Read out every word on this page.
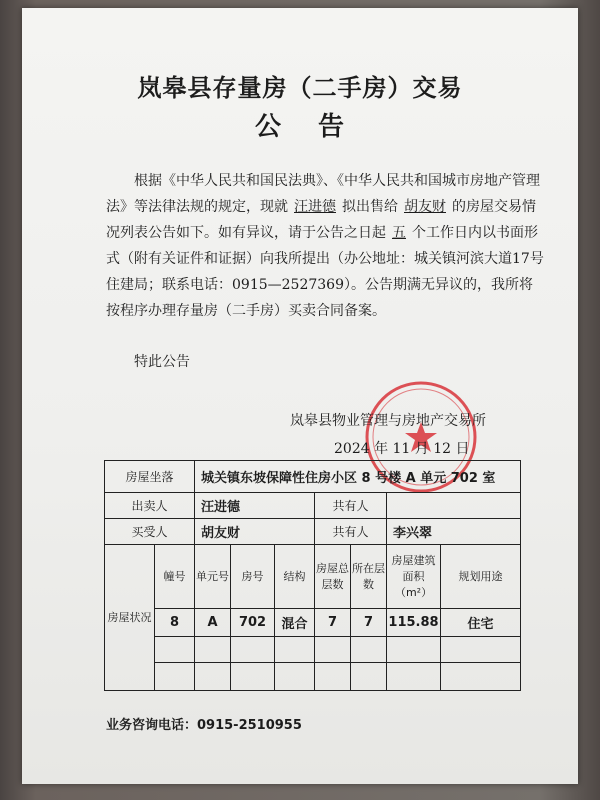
岚皋县存量房（二手房）交易
公 告

根据《中华人民共和国民法典》、《中华人民共和国城市房地产管理法》等法律法规的规定，现就 汪进德 拟出售给 胡友财 的房屋交易情况列表公告如下。如有异议，请于公告之日起 五 个工作日内以书面形式（附有关证件和证据）向我所提出（办公地址：城关镇河滨大道17号住建局；联系电话：0915—2527369）。公告期满无异议的，我所将按程序办理存量房（二手房）买卖合同备案。

特此公告
岚皋县物业管理与房地产交易所
2024 年 11 月 12 日
房屋坐落		城关镇东坡保障性住房小区 8 号楼 A 单元 702 室						
出卖人		汪进德			共有人			
买受人		胡友财			共有人		李兴翠	
房屋状况	幢号	单元号	房号	结构	房屋总层数	所在层数	房屋建筑面积（m²）	规划用途
	8	A	702	混合	7	7	115.88	住宅

业务咨询电话：0915-2510955
